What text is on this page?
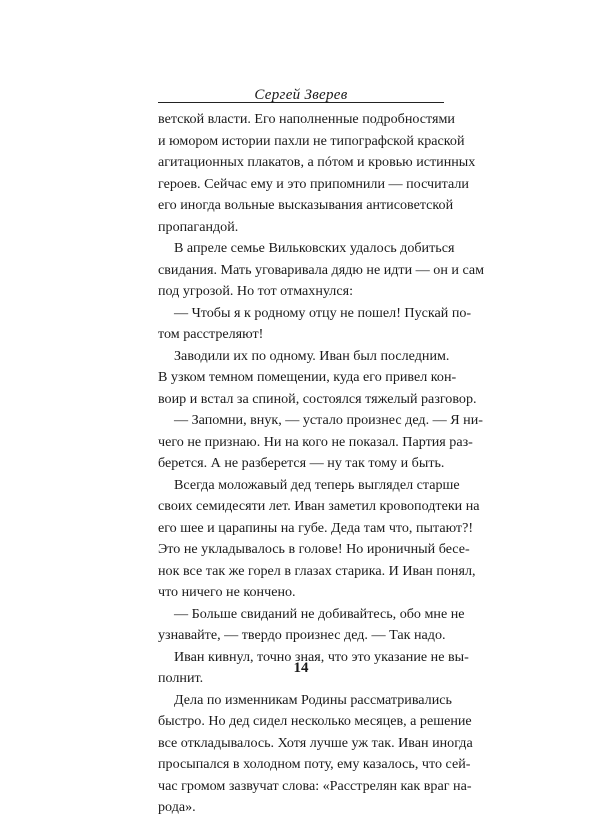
Сергей Зверев
ветской власти. Его наполненные подробностями
и юмором истории пахли не типографской краской
агитационных плакатов, а пóтом и кровью истинных
героев. Сейчас ему и это припомнили — посчитали
его иногда вольные высказывания антисоветской
пропагандой.
В апреле семье Вильковских удалось добиться
свидания. Мать уговаривала дядю не идти — он и сам
под угрозой. Но тот отмахнулся:
— Чтобы я к родному отцу не пошел! Пускай по-
том расстреляют!
Заводили их по одному. Иван был последним.
В узком темном помещении, куда его привел кон-
воир и встал за спиной, состоялся тяжелый разговор.
— Запомни, внук, — устало произнес дед. — Я ни-
чего не признаю. Ни на кого не показал. Партия раз-
берется. А не разберется — ну так тому и быть.
Всегда моложавый дед теперь выглядел старше
своих семидесяти лет. Иван заметил кровоподтеки на
его шее и царапины на губе. Деда там что, пытают?!
Это не укладывалось в голове! Но ироничный бесе-
нок все так же горел в глазах старика. И Иван понял,
что ничего не кончено.
— Больше свиданий не добивайтесь, обо мне не
узнавайте, — твердо произнес дед. — Так надо.
Иван кивнул, точно зная, что это указание не вы-
полнит.
Дела по изменникам Родины рассматривались
быстро. Но дед сидел несколько месяцев, а решение
все откладывалось. Хотя лучше уж так. Иван иногда
просыпался в холодном поту, ему казалось, что сей-
час громом зазвучат слова: «Расстрелян как враг на-
рода».
14
